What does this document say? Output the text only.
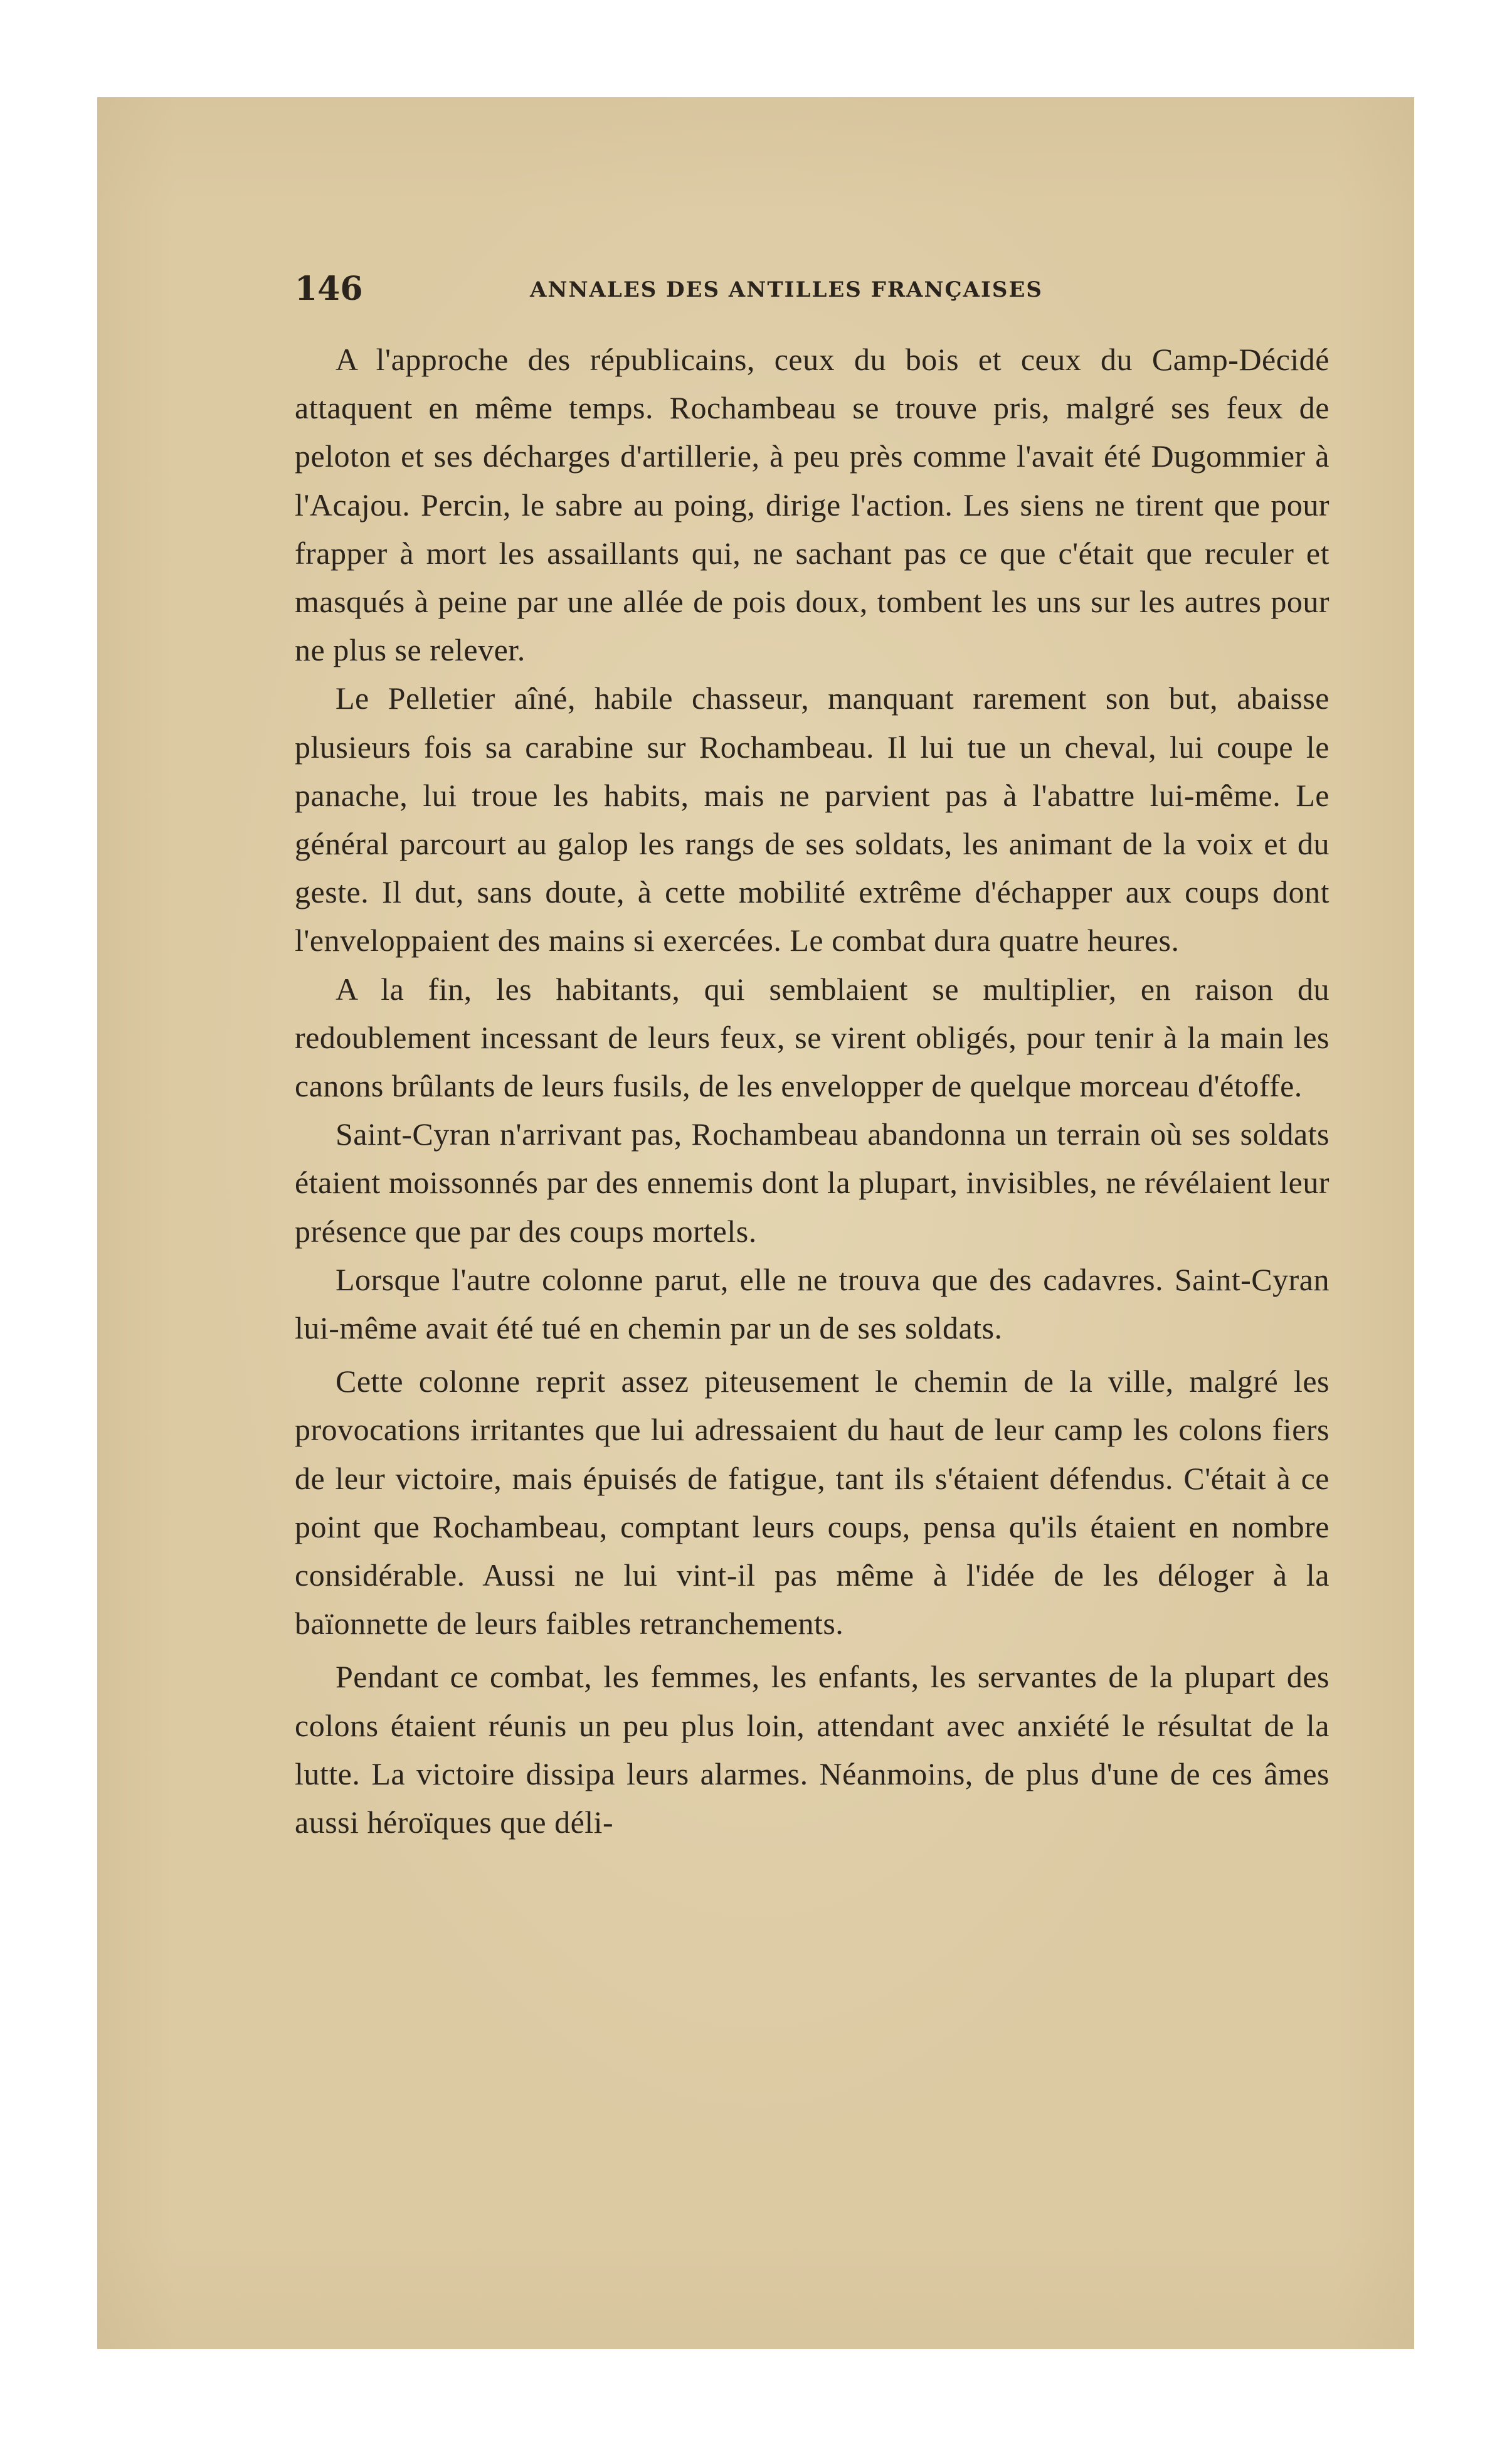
146	ANNALES DES ANTILLES FRANÇAISES

A l'approche des républicains, ceux du bois et ceux du Camp-Décidé attaquent en même temps. Rochambeau se trouve pris, malgré ses feux de peloton et ses décharges d'artillerie, à peu près comme l'avait été Dugommier à l'Acajou. Percin, le sabre au poing, dirige l'action. Les siens ne tirent que pour frapper à mort les assaillants qui, ne sachant pas ce que c'était que reculer et masqués à peine par une allée de pois doux, tombent les uns sur les autres pour ne plus se relever.

Le Pelletier aîné, habile chasseur, manquant rarement son but, abaisse plusieurs fois sa carabine sur Rochambeau. Il lui tue un cheval, lui coupe le panache, lui troue les habits, mais ne parvient pas à l'abattre lui-même. Le général parcourt au galop les rangs de ses soldats, les animant de la voix et du geste. Il dut, sans doute, à cette mobilité extrême d'échapper aux coups dont l'enveloppaient des mains si exercées. Le combat dura quatre heures.

A la fin, les habitants, qui semblaient se multiplier, en raison du redoublement incessant de leurs feux, se virent obligés, pour tenir à la main les canons brûlants de leurs fusils, de les envelopper de quelque morceau d'étoffe.

Saint-Cyran n'arrivant pas, Rochambeau abandonna un terrain où ses soldats étaient moissonnés par des ennemis dont la plupart, invisibles, ne révélaient leur présence que par des coups mortels.

Lorsque l'autre colonne parut, elle ne trouva que des cadavres. Saint-Cyran lui-même avait été tué en chemin par un de ses soldats.

Cette colonne reprit assez piteusement le chemin de la ville, malgré les provocations irritantes que lui adressaient du haut de leur camp les colons fiers de leur victoire, mais épuisés de fatigue, tant ils s'étaient défendus. C'était à ce point que Rochambeau, comptant leurs coups, pensa qu'ils étaient en nombre considérable. Aussi ne lui vint-il pas même à l'idée de les déloger à la baïonnette de leurs faibles retranchements.

Pendant ce combat, les femmes, les enfants, les servantes de la plupart des colons étaient réunis un peu plus loin, attendant avec anxiété le résultat de la lutte. La victoire dissipa leurs alarmes. Néanmoins, de plus d'une de ces âmes aussi héroïques que déli-
